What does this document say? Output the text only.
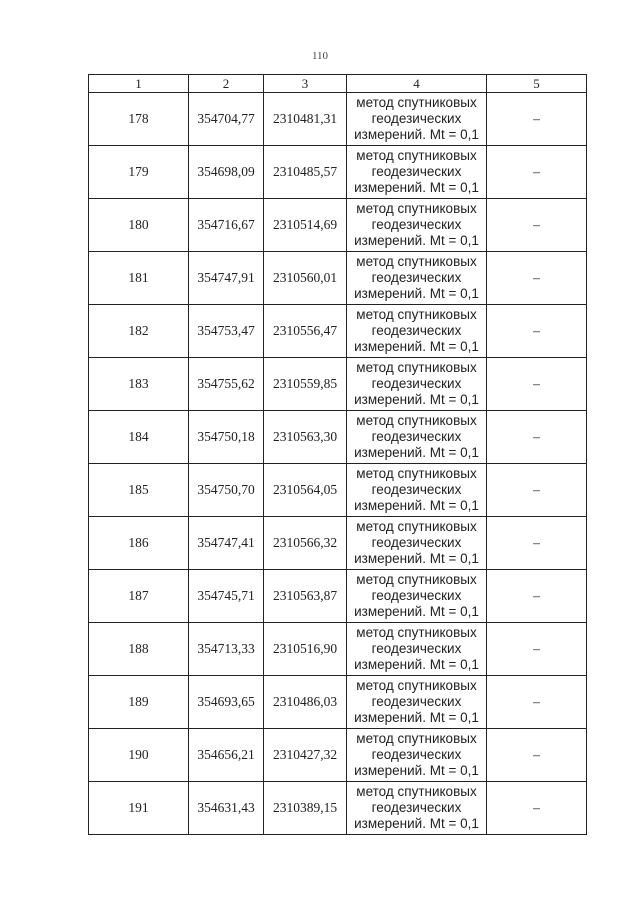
110
1	2	3	4	5
178	354704,77	2310481,31	метод спутниковых
геодезических
измерений. Mt = 0,1	–
179	354698,09	2310485,57	метод спутниковых
геодезических
измерений. Mt = 0,1	–
180	354716,67	2310514,69	метод спутниковых
геодезических
измерений. Mt = 0,1	–
181	354747,91	2310560,01	метод спутниковых
геодезических
измерений. Mt = 0,1	–
182	354753,47	2310556,47	метод спутниковых
геодезических
измерений. Mt = 0,1	–
183	354755,62	2310559,85	метод спутниковых
геодезических
измерений. Mt = 0,1	–
184	354750,18	2310563,30	метод спутниковых
геодезических
измерений. Mt = 0,1	–
185	354750,70	2310564,05	метод спутниковых
геодезических
измерений. Mt = 0,1	–
186	354747,41	2310566,32	метод спутниковых
геодезических
измерений. Mt = 0,1	–
187	354745,71	2310563,87	метод спутниковых
геодезических
измерений. Mt = 0,1	–
188	354713,33	2310516,90	метод спутниковых
геодезических
измерений. Mt = 0,1	–
189	354693,65	2310486,03	метод спутниковых
геодезических
измерений. Mt = 0,1	–
190	354656,21	2310427,32	метод спутниковых
геодезических
измерений. Mt = 0,1	–
191	354631,43	2310389,15	метод спутниковых
геодезических
измерений. Mt = 0,1	–
